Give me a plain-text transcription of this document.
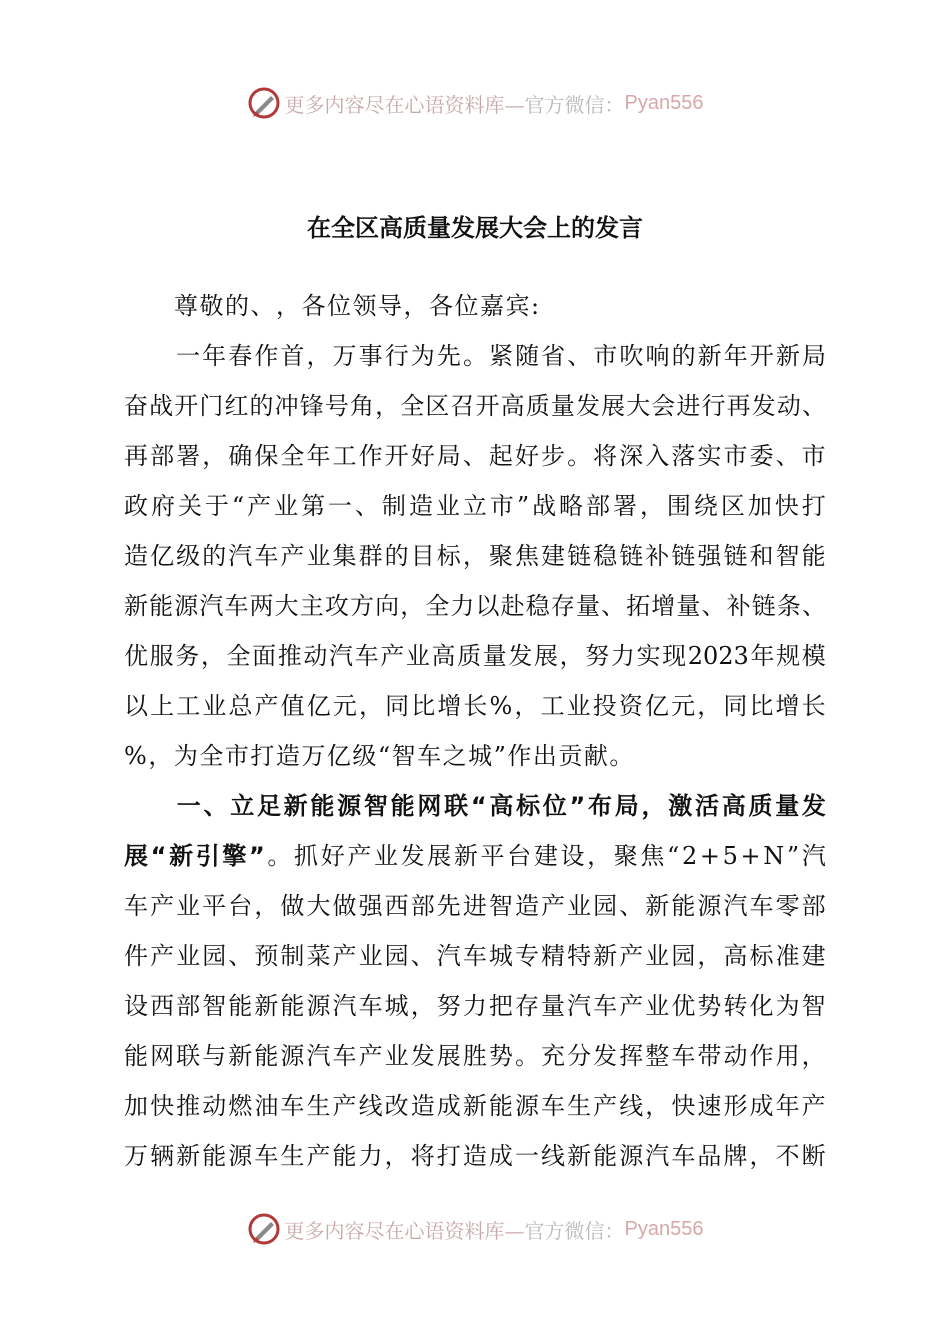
更多内容尽在心语资料库— 官方微信： Pyan556
在全区高质量发展大会上的发言
尊 敬 的 、 ， 各 位 领 导 ， 各 位 嘉 宾 :
一 年 春 作 首 ， 万 事 行 为 先 。 紧 随 省 、 市 吹 响 的 新 年 开 新 局
奋 战 开 门 红 的 冲 锋 号 角 ， 全 区 召 开 高 质 量 发 展 大 会 进 行 再 发 动 、
再 部 署 ， 确 保 全 年 工 作 开 好 局 、 起 好 步 。 将 深 入 落 实 市 委 、 市
政 府 关 于 “ 产 业 第 一 、 制 造 业 立 市 ” 战 略 部 署 ， 围 绕 区 加 快 打
造 亿 级 的 汽 车 产 业 集 群 的 目 标 ， 聚 焦 建 链 稳 链 补 链 强 链 和 智 能
新 能 源 汽 车 两 大 主 攻 方 向 ， 全 力 以 赴 稳 存 量 、 拓 增 量 、 补 链 条 、
优 服 务 ， 全 面 推 动 汽 车 产 业 高 质 量 发 展 ， 努 力 实 现 2023 年 规 模
以 上 工 业 总 产 值 亿 元 ， 同 比 增 长 % ， 工 业 投 资 亿 元 ， 同 比 增 长
% ， 为 全 市 打 造 万 亿 级 “ 智 车 之 城 ” 作 出 贡 献 。
一 、 立 足 新 能 源 智 能 网 联 “ 高 标 位 ” 布 局 ， 激 活 高 质 量 发
展 “ 新 引 擎 ” 。 抓 好 产 业 发 展 新 平 台 建 设 ， 聚 焦 “ 2 + 5 + N ” 汽
车 产 业 平 台 ， 做 大 做 强 西 部 先 进 智 造 产 业 园 、 新 能 源 汽 车 零 部
件 产 业 园 、 预 制 菜 产 业 园 、 汽 车 城 专 精 特 新 产 业 园 ， 高 标 准 建
设 西 部 智 能 新 能 源 汽 车 城 ， 努 力 把 存 量 汽 车 产 业 优 势 转 化 为 智
能 网 联 与 新 能 源 汽 车 产 业 发 展 胜 势 。 充 分 发 挥 整 车 带 动 作 用 ，
加 快 推 动 燃 油 车 生 产 线 改 造 成 新 能 源 车 生 产 线 ， 快 速 形 成 年 产
万 辆 新 能 源 车 生 产 能 力 ， 将 打 造 成 一 线 新 能 源 汽 车 品 牌 ， 不 断
更多内容尽在心语资料库— 官方微信： Pyan556
